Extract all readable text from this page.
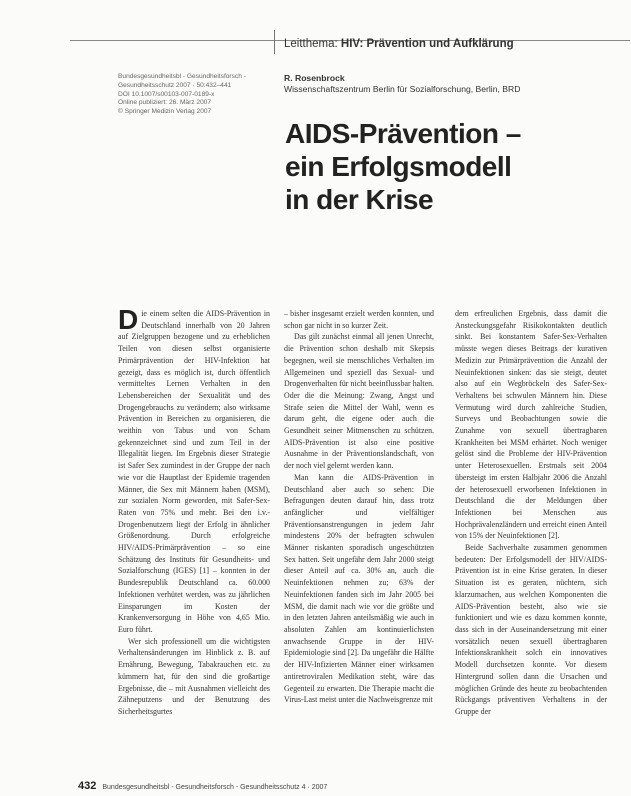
Leitthema: HIV: Prävention und Aufklärung
Bundesgesundheitsbl - Gesundheitsforsch -
Gesundheitsschutz 2007 · 50:432–441
DOI 10.1007/s00103-007-0189-x
Online publiziert: 26. März 2007
© Springer Medizin Verlag 2007
R. Rosenbrock
Wissenschaftszentrum Berlin für Sozialforschung, Berlin, BRD
AIDS-Prävention –
ein Erfolgsmodell
in der Krise
D ie einem selten die AIDS-Prävention in Deutschland innerhalb von 20 Jahren auf Zielgruppen bezogene und zu erheblichen Teilen von diesen selbst organisierte Primärprävention der HIV-Infektion hat gezeigt, dass es möglich ist, durch öffentlich vermitteltes Lernen Verhalten in den Lebensbereichen der Sexualität und des Drogengebrauchs zu verändern; also wirksame Prävention in Bereichen zu organisieren, die weithin von Tabus und von Scham gekennzeichnet sind und zum Teil in der Illegalität liegen. Im Ergebnis dieser Strategie ist Safer Sex zumindest in der Gruppe der nach wie vor die Hauptlast der Epidemie tragenden Männer, die Sex mit Männern haben (MSM), zur sozialen Norm geworden, mit Safer-Sex-Raten von 75% und mehr. Bei den i.v.-Drogenbenutzern liegt der Erfolg in ähnlicher Größenordnung. Durch erfolgreiche HIV/AIDS-Primärprävention – so eine Schätzung des Instituts für Gesundheits- und Sozialforschung (IGES) [1] – konnten in der Bundesrepublik Deutschland ca. 60.000 Infektionen verhütet werden, was zu jährlichen Einsparungen im Kosten der Krankenversorgung in Höhe von 4,65 Mio. Euro führt.

Wer sich professionell um die wichtigsten Verhaltensänderungen im Hinblick z. B. auf Ernährung, Bewegung, Tabakrauchen etc. zu kümmern hat, für den sind die großartige Ergebnisse, die – mit Ausnahmen vielleicht des Zähneputzens und der Benutzung des Sicherheitsgurtes

– bisher insgesamt erzielt werden konnten, und schon gar nicht in so kurzer Zeit.

Das gilt zunächst einmal all jenen Unrecht, die Prävention schon deshalb mit Skepsis begegnen, weil sie menschliches Verhalten im Allgemeinen und speziell das Sexual- und Drogenverhalten für nicht beeinflussbar halten. Oder die die Meinung: Zwang, Angst und Strafe seien die Mittel der Wahl, wenn es darum geht, die eigene oder auch die Gesundheit seiner Mitmenschen zu schützen. AIDS-Prävention ist also eine positive Ausnahme in der Präventionslandschaft, von der noch viel gelernt werden kann.

Man kann die AIDS-Prävention in Deutschland aber auch so sehen: Die Befragungen deuten darauf hin, dass trotz anfänglicher und vielfältiger Präventionsanstrengungen in jedem Jahr mindestens 20% der befragten schwulen Männer riskanten sporadisch ungeschützten Sex hatten. Seit ungefähr dem Jahr 2000 steigt dieser Anteil auf ca. 30% an, auch die Neuinfektionen nehmen zu; 63% der Neuinfektionen fanden sich im Jahr 2005 bei MSM, die damit nach wie vor die größte und in den letzten Jahren anteilsmäßig wie auch in absoluten Zahlen am kontinuierlichsten anwachsende Gruppe in der HIV-Epidemiologie sind [2]. Da ungefähr die Hälfte der HIV-Infizierten Männer einer wirksamen antiretroviralen Medikation steht, wäre das Gegenteil zu erwarten. Die Therapie macht die Virus-Last meist unter die Nachweisgrenze mit

dem erfreulichen Ergebnis, dass damit die Ansteckungsgefahr Risikokontakten deutlich sinkt. Bei konstantem Safer-Sex-Verhalten müsste wegen dieses Beitrags der kurativen Medizin zur Primärprävention die Anzahl der Neuinfektionen sinken: das sie steigt, deutet also auf ein Wegbröckeln des Safer-Sex-Verhaltens bei schwulen Männern hin. Diese Vermutung wird durch zahlreiche Studien, Surveys und Beobachtungen sowie die Zunahme von sexuell übertragbaren Krankheiten bei MSM erhärtet. Noch weniger gelöst sind die Probleme der HIV-Prävention unter Heterosexuellen. Erstmals seit 2004 übersteigt im ersten Halbjahr 2006 die Anzahl der heterosexuell erworbenen Infektionen in Deutschland die der Meldungen über Infektionen bei Menschen aus Hochprävalenzländern und erreicht einen Anteil von 15% der Neuinfektionen [2].

Beide Sachverhalte zusammen genommen bedeuten: Der Erfolgsmodell der HIV/AIDS-Prävention ist in eine Krise geraten. In dieser Situation ist es geraten, nüchtern, sich klarzumachen, aus welchen Komponenten die AIDS-Prävention besteht, also wie sie funktioniert und wie es dazu kommen konnte, dass sich in der Auseinandersetzung mit einer vorsätzlich neuen sexuell übertragbaren Infektionskrankheit solch ein innovatives Modell durchsetzen konnte. Vor diesem Hintergrund sollen dann die Ursachen und möglichen Gründe des heute zu beobachtenden Rückgangs präventiven Verhaltens in der Gruppe der

432 Bundesgesundheitsbl - Gesundheitsforsch - Gesundheitsschutz 4 · 2007
